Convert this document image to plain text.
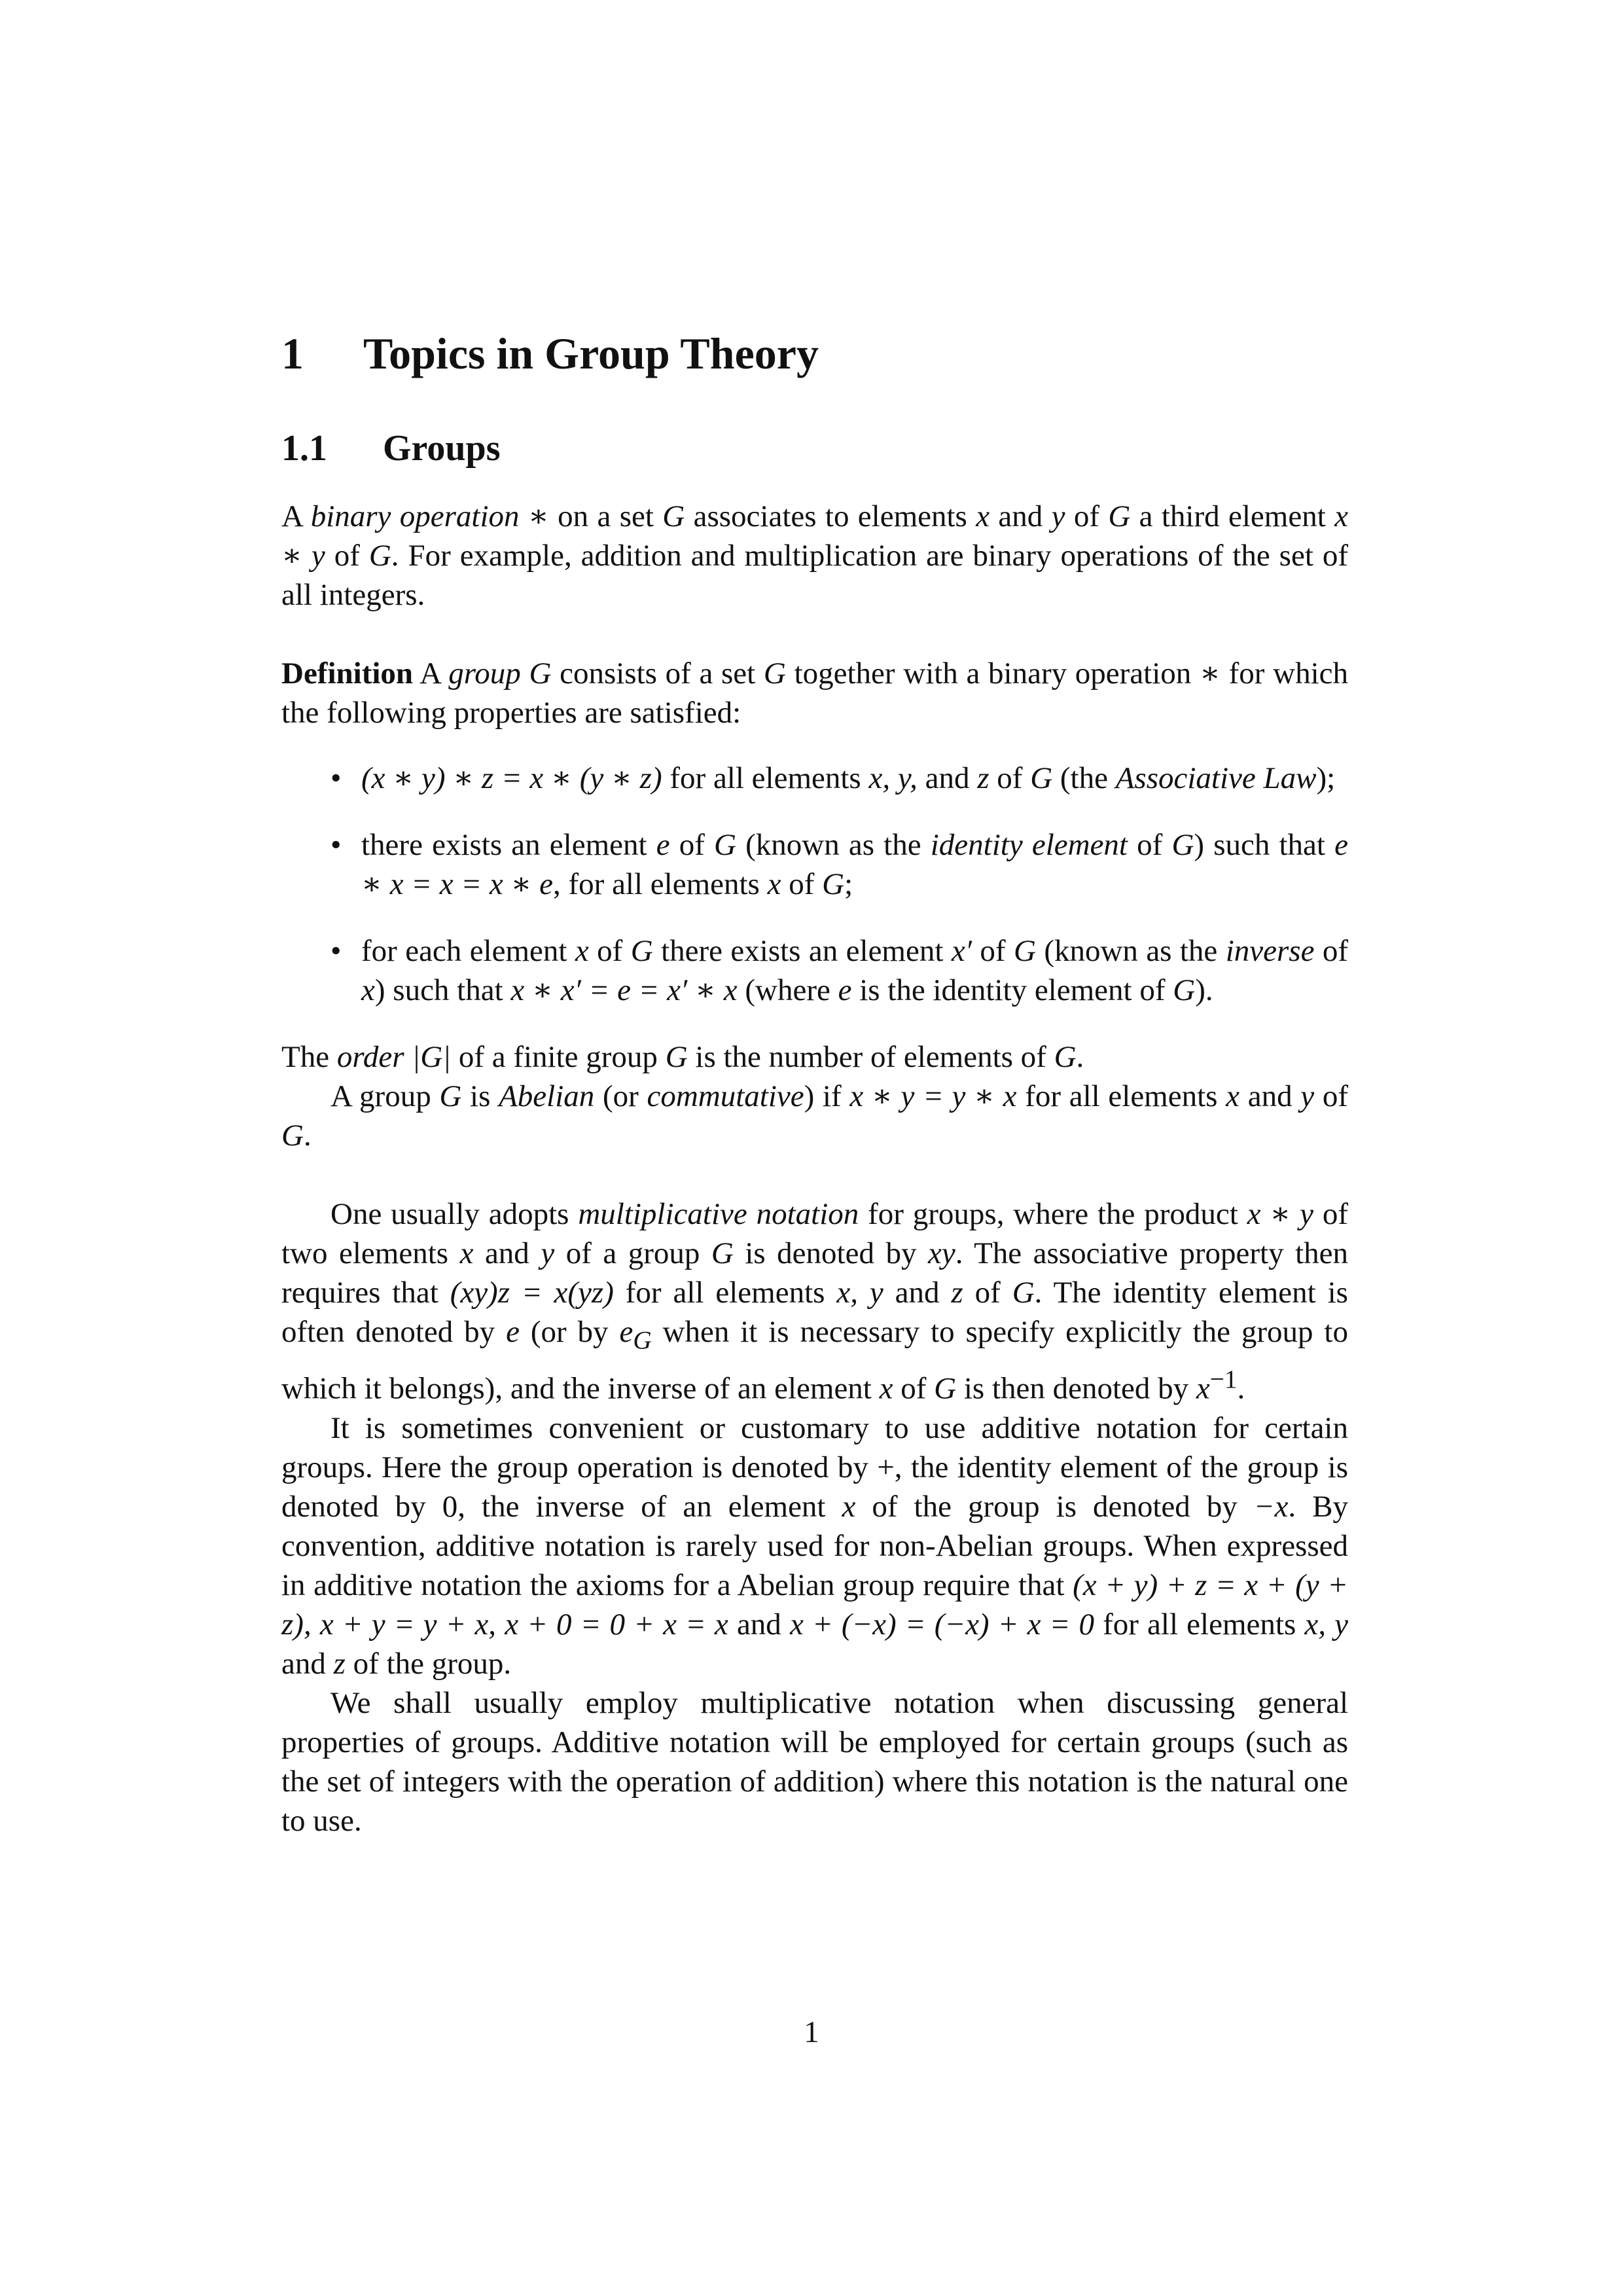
1 Topics in Group Theory
1.1 Groups

A binary operation ∗ on a set G associates to elements x and y of G a third element x ∗ y of G. For example, addition and multiplication are binary operations of the set of all integers.

Definition A group G consists of a set G together with a binary operation ∗ for which the following properties are satisfied:

• (x ∗ y) ∗ z = x ∗ (y ∗ z) for all elements x, y, and z of G (the Associative Law);
• there exists an element e of G (known as the identity element of G) such that e ∗ x = x = x ∗ e, for all elements x of G;
• for each element x of G there exists an element x′ of G (known as the inverse of x) such that x ∗ x′ = e = x′ ∗ x (where e is the identity element of G).

The order |G| of a finite group G is the number of elements of G.

A group G is Abelian (or commutative) if x ∗ y = y ∗ x for all elements x and y of G.

One usually adopts multiplicative notation for groups, where the product x ∗ y of two elements x and y of a group G is denoted by xy. The associative property then requires that (xy)z = x(yz) for all elements x, y and z of G. The identity element is often denoted by e (or by $e_G$ when it is necessary to specify explicitly the group to which it belongs), and the inverse of an element x of G is then denoted by $x^{-1}$.

It is sometimes convenient or customary to use additive notation for certain groups. Here the group operation is denoted by +, the identity element of the group is denoted by 0, the inverse of an element x of the group is denoted by −x. By convention, additive notation is rarely used for non-Abelian groups. When expressed in additive notation the axioms for a Abelian group require that (x + y) + z = x + (y + z), x + y = y + x, x + 0 = 0 + x = x and x + (−x) = (−x) + x = 0 for all elements x, y and z of the group.

We shall usually employ multiplicative notation when discussing general properties of groups. Additive notation will be employed for certain groups (such as the set of integers with the operation of addition) where this notation is the natural one to use.

1
